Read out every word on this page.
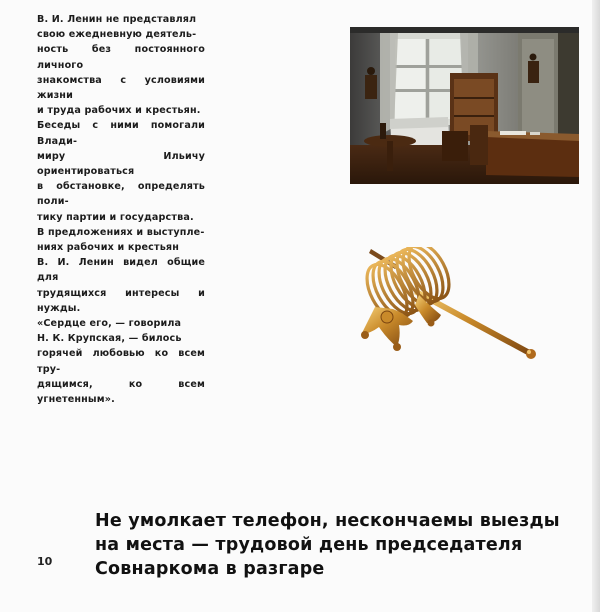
В. И. Ленин не представлял
свою ежедневную деятель-
ность без постоянного личного
знакомства с условиями жизни
и труда рабочих и крестьян.
Беседы с ними помогали Влади-
миру Ильичу ориентироваться
в обстановке, определять поли-
тику партии и государства.
В предложениях и выступле-
ниях рабочих и крестьян
В. И. Ленин видел общие для
трудящихся интересы и нужды.
«Сердце его, — говорила
Н. К. Крупская, — билось
горячей любовью ко всем тру-
дящимся, ко всем угнетенным».
Не умолкает телефон, нескончаемы выезды
на места — трудовой день председателя
Совнаркома в разгаре
10
